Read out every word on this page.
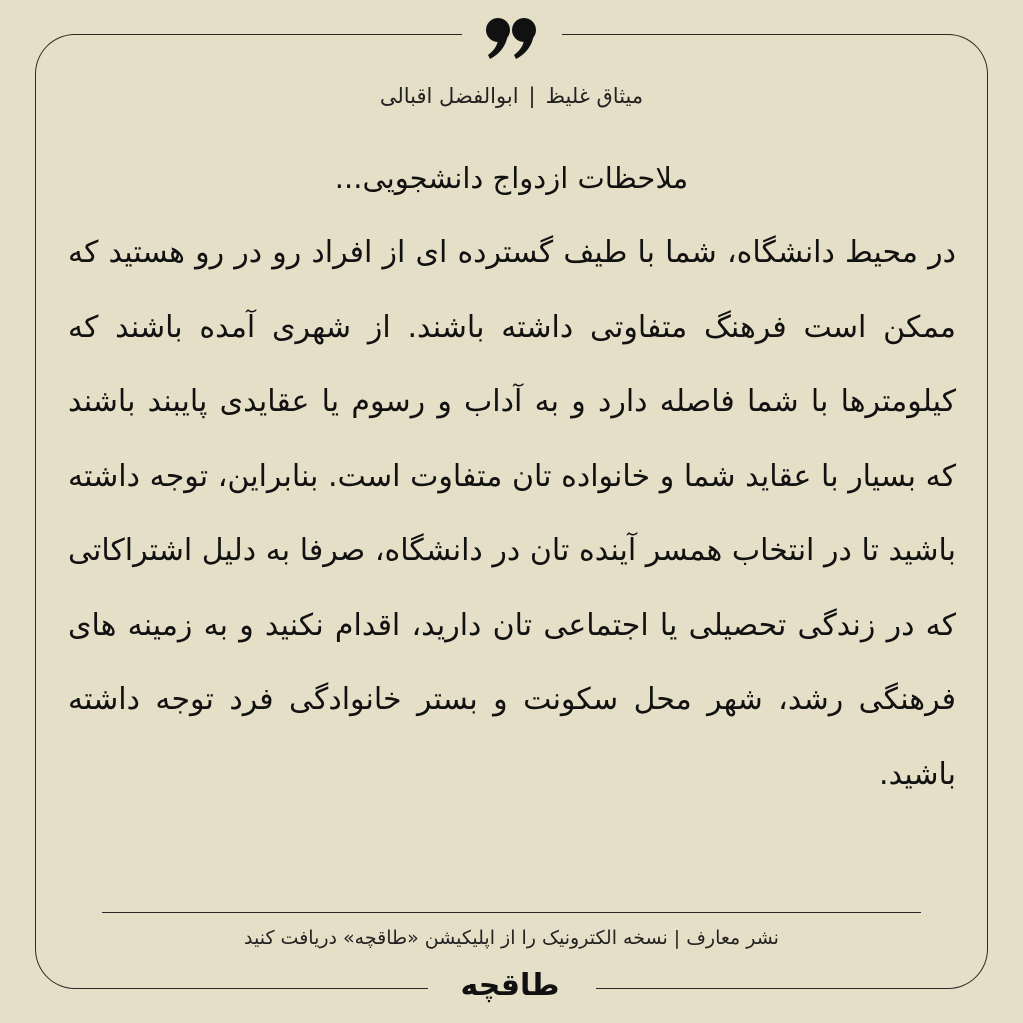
میثاق غلیظ|ابوالفضل اقبالی
ملاحظات ازدواج دانشجویی...
در محیط دانشگاه، شما با طیف گسترده ای از افراد رو در رو هستید که ممکن است فرهنگ متفاوتی داشته باشند. از شهری آمده باشند که کیلومترها با شما فاصله دارد و به آداب و رسوم یا عقایدی پایبند باشند که بسیار با عقاید شما و خانواده تان متفاوت است. بنابراین، توجه داشته باشید تا در انتخاب همسر آینده تان در دانشگاه، صرفا به دلیل اشتراکاتی که در زندگی تحصیلی یا اجتماعی تان دارید، اقدام نکنید و به زمینه های فرهنگی رشد، شهر محل سکونت و بستر خانوادگی فرد توجه داشته باشید.
نشر معارف | نسخه الکترونیک را از اپلیکیشن «طاقچه» دریافت کنید
طاقچه
